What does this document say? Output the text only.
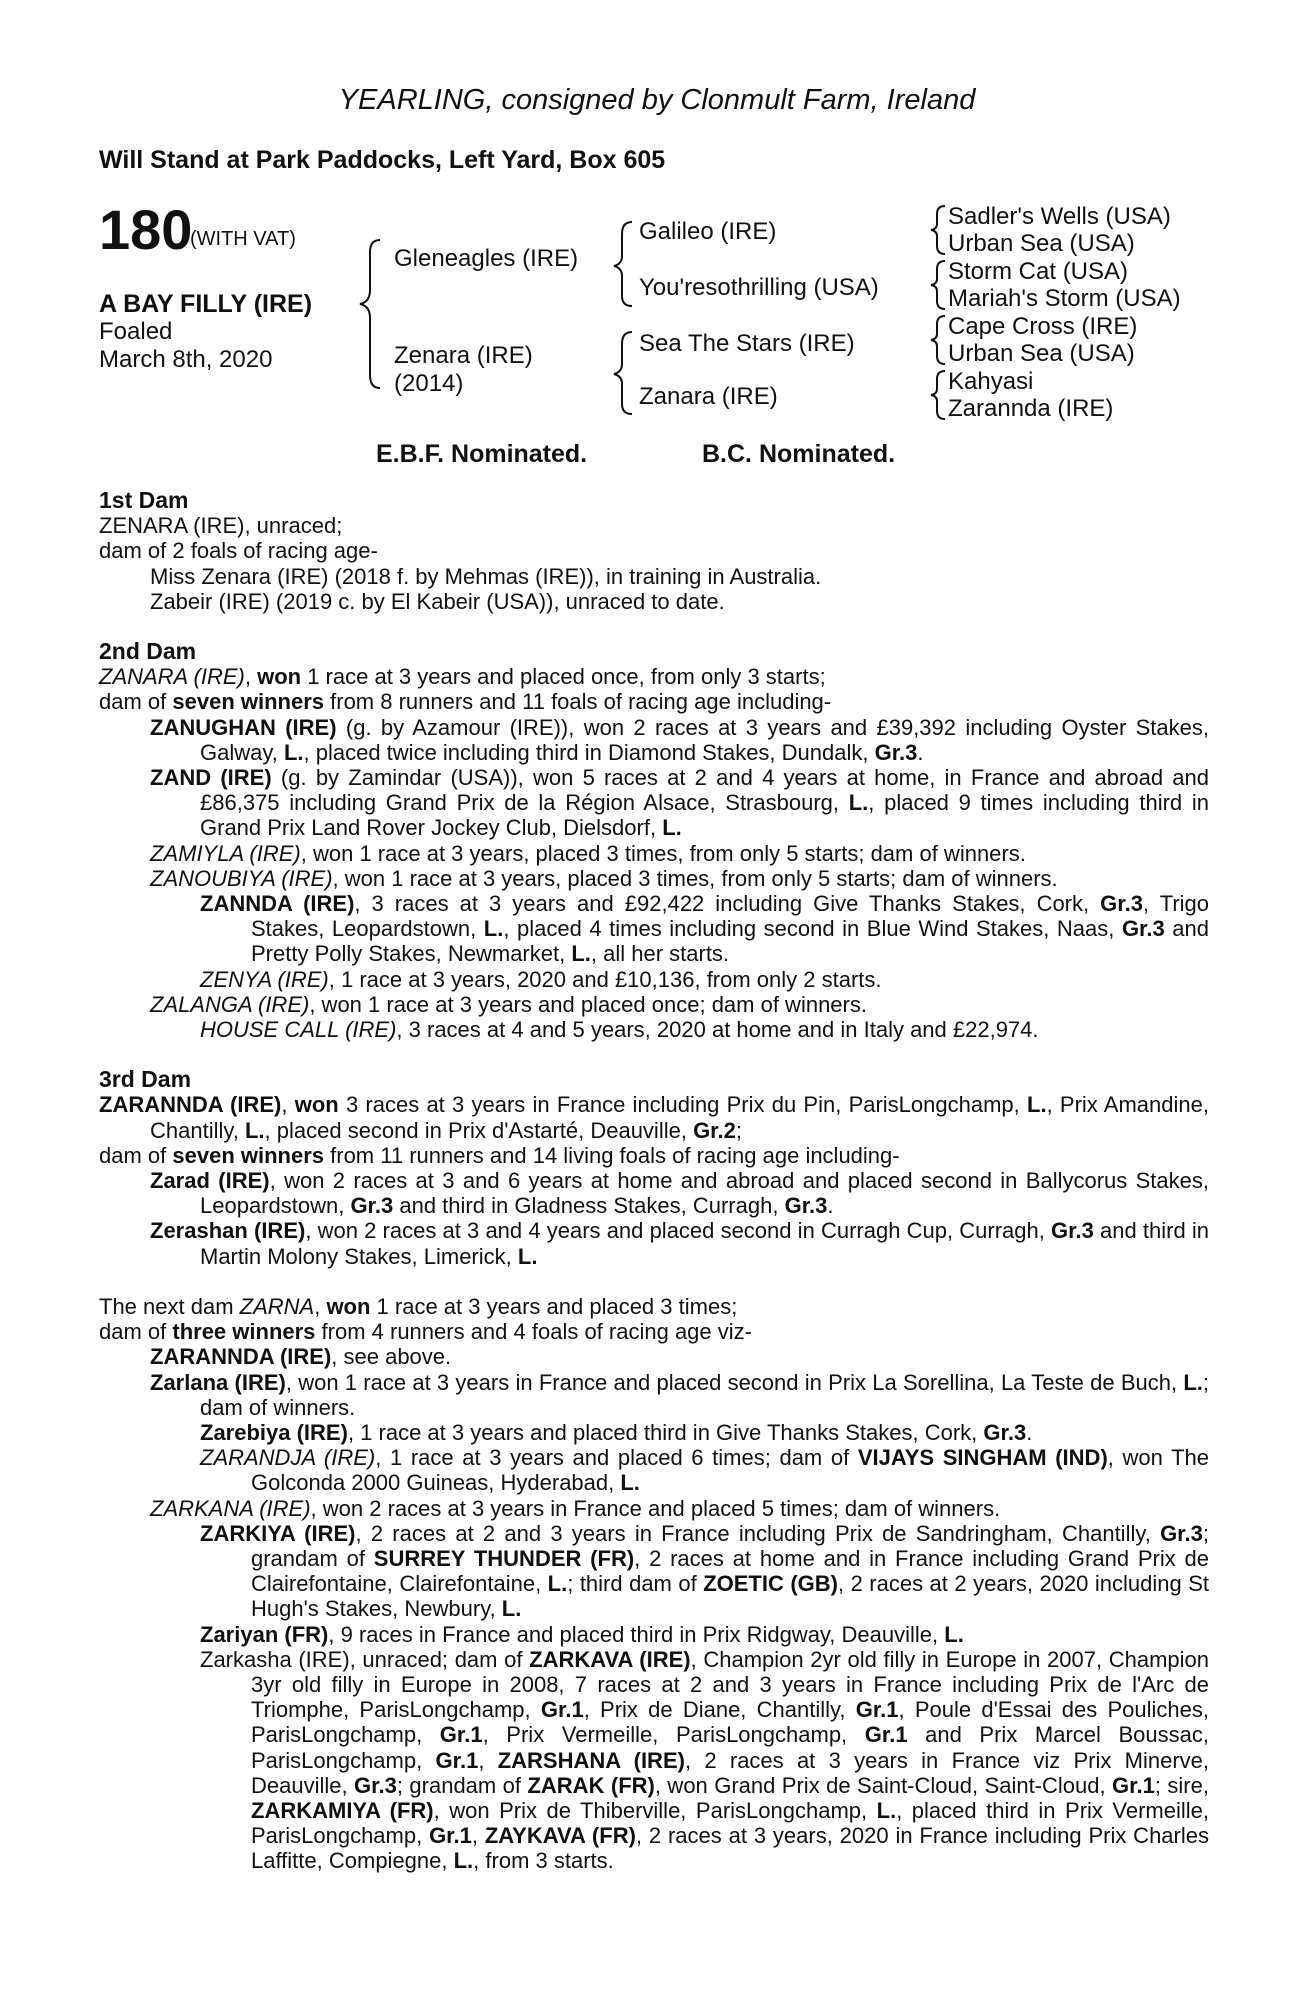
YEARLING, consigned by Clonmult Farm, Ireland
Will Stand at Park Paddocks, Left Yard, Box 605
180
(WITH VAT)
A BAY FILLY (IRE)
Foaled
March 8th, 2020
Gleneagles (IRE)
Zenara (IRE)
(2014)
Galileo (IRE)
You'resothrilling (USA)
Sea The Stars (IRE)
Zanara (IRE)
Sadler's Wells (USA)
Urban Sea (USA)
Storm Cat (USA)
Mariah's Storm (USA)
Cape Cross (IRE)
Urban Sea (USA)
Kahyasi
Zarannda (IRE)
E.B.F. Nominated.	B.C. Nominated.

1st Dam

ZENARA (IRE), unraced;

dam of 2 foals of racing age-

Miss Zenara (IRE) (2018 f. by Mehmas (IRE)), in training in Australia.

Zabeir (IRE) (2019 c. by El Kabeir (USA)), unraced to date.

2nd Dam

ZANARA (IRE), won 1 race at 3 years and placed once, from only 3 starts;

dam of seven winners from 8 runners and 11 foals of racing age including-

ZANUGHAN (IRE) (g. by Azamour (IRE)), won 2 races at 3 years and £39,392 including Oyster Stakes, Galway, L., placed twice including third in Diamond Stakes, Dundalk, Gr.3.

ZAND (IRE) (g. by Zamindar (USA)), won 5 races at 2 and 4 years at home, in France and abroad and £86,375 including Grand Prix de la Région Alsace, Strasbourg, L., placed 9 times including third in Grand Prix Land Rover Jockey Club, Dielsdorf, L.

ZAMIYLA (IRE), won 1 race at 3 years, placed 3 times, from only 5 starts; dam of winners.

ZANOUBIYA (IRE), won 1 race at 3 years, placed 3 times, from only 5 starts; dam of winners.

ZANNDA (IRE), 3 races at 3 years and £92,422 including Give Thanks Stakes, Cork, Gr.3, Trigo Stakes, Leopardstown, L., placed 4 times including second in Blue Wind Stakes, Naas, Gr.3 and Pretty Polly Stakes, Newmarket, L., all her starts.

ZENYA (IRE), 1 race at 3 years, 2020 and £10,136, from only 2 starts.

ZALANGA (IRE), won 1 race at 3 years and placed once; dam of winners.

HOUSE CALL (IRE), 3 races at 4 and 5 years, 2020 at home and in Italy and £22,974.

3rd Dam

ZARANNDA (IRE), won 3 races at 3 years in France including Prix du Pin, ParisLongchamp, L., Prix Amandine, Chantilly, L., placed second in Prix d'Astarté, Deauville, Gr.2;

dam of seven winners from 11 runners and 14 living foals of racing age including-

Zarad (IRE), won 2 races at 3 and 6 years at home and abroad and placed second in Ballycorus Stakes, Leopardstown, Gr.3 and third in Gladness Stakes, Curragh, Gr.3.

Zerashan (IRE), won 2 races at 3 and 4 years and placed second in Curragh Cup, Curragh, Gr.3 and third in Martin Molony Stakes, Limerick, L.

The next dam ZARNA, won 1 race at 3 years and placed 3 times;

dam of three winners from 4 runners and 4 foals of racing age viz-

ZARANNDA (IRE), see above.

Zarlana (IRE), won 1 race at 3 years in France and placed second in Prix La Sorellina, La Teste de Buch, L.; dam of winners.

Zarebiya (IRE), 1 race at 3 years and placed third in Give Thanks Stakes, Cork, Gr.3.

ZARANDJA (IRE), 1 race at 3 years and placed 6 times; dam of VIJAYS SINGHAM (IND), won The Golconda 2000 Guineas, Hyderabad, L.

ZARKANA (IRE), won 2 races at 3 years in France and placed 5 times; dam of winners.

ZARKIYA (IRE), 2 races at 2 and 3 years in France including Prix de Sandringham, Chantilly, Gr.3; grandam of SURREY THUNDER (FR), 2 races at home and in France including Grand Prix de Clairefontaine, Clairefontaine, L.; third dam of ZOETIC (GB), 2 races at 2 years, 2020 including St Hugh's Stakes, Newbury, L.

Zariyan (FR), 9 races in France and placed third in Prix Ridgway, Deauville, L.

Zarkasha (IRE), unraced; dam of ZARKAVA (IRE), Champion 2yr old filly in Europe in 2007, Champion 3yr old filly in Europe in 2008, 7 races at 2 and 3 years in France including Prix de l'Arc de Triomphe, ParisLongchamp, Gr.1, Prix de Diane, Chantilly, Gr.1, Poule d'Essai des Pouliches, ParisLongchamp, Gr.1, Prix Vermeille, ParisLongchamp, Gr.1 and Prix Marcel Boussac, ParisLongchamp, Gr.1, ZARSHANA (IRE), 2 races at 3 years in France viz Prix Minerve, Deauville, Gr.3; grandam of ZARAK (FR), won Grand Prix de Saint-Cloud, Saint-Cloud, Gr.1; sire, ZARKAMIYA (FR), won Prix de Thiberville, ParisLongchamp, L., placed third in Prix Vermeille, ParisLongchamp, Gr.1, ZAYKAVA (FR), 2 races at 3 years, 2020 in France including Prix Charles Laffitte, Compiegne, L., from 3 starts.
